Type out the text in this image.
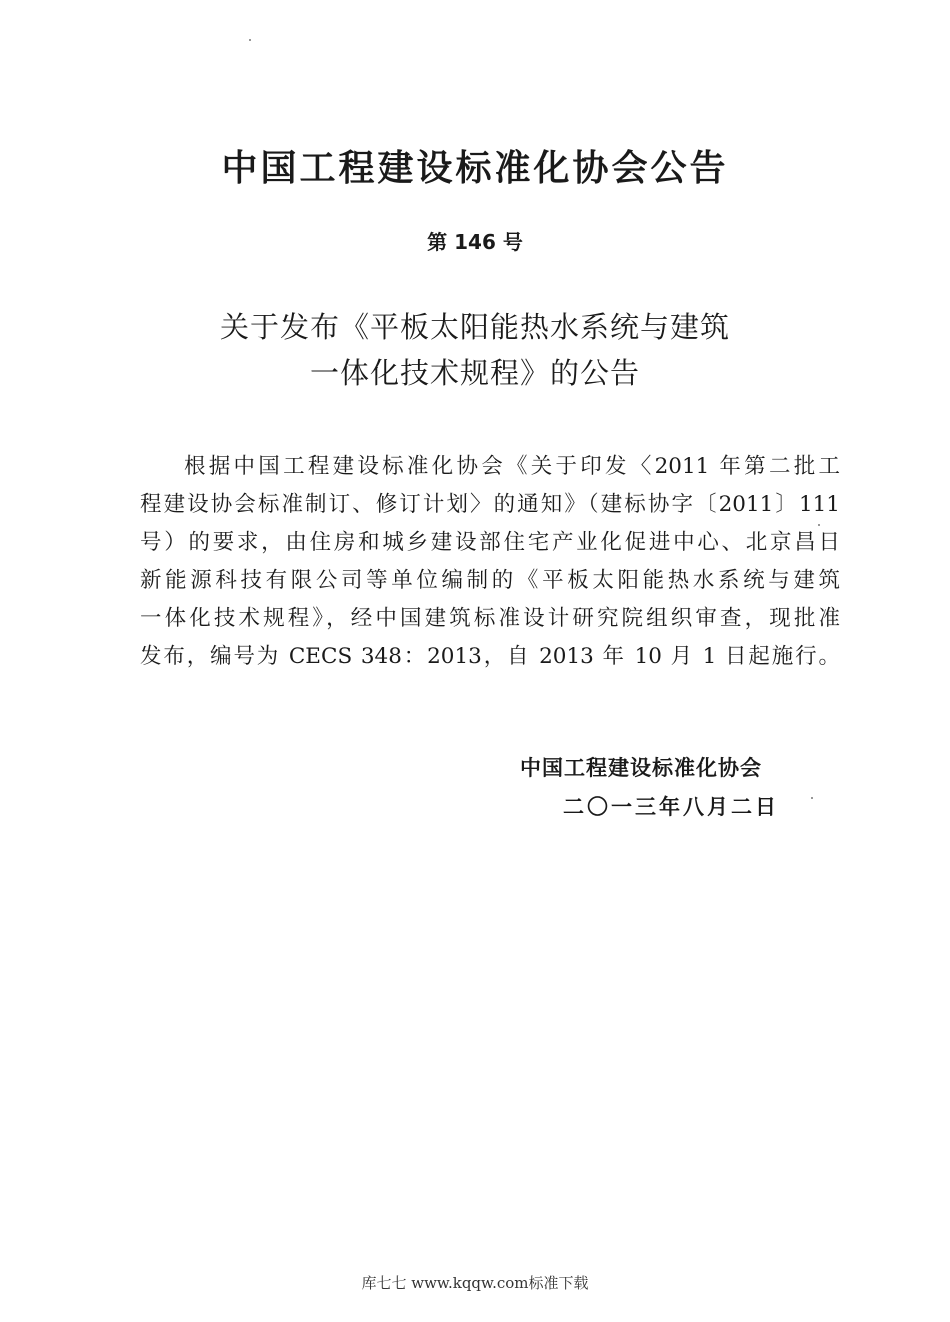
中国工程建设标准化协会公告
第 146 号
关于发布《平板太阳能热水系统与建筑
一体化技术规程》的公告
根据中国工程建设标准化协会《关于印发〈2011 年第二批工
程建设协会标准制订、修订计划〉的通知》（建标协字〔2011〕111
号）的要求，由住房和城乡建设部住宅产业化促进中心、北京昌日
新能源科技有限公司等单位编制的《平板太阳能热水系统与建筑
一体化技术规程》，经中国建筑标准设计研究院组织审查，现批准
发布，编号为 CECS 348：2013，自 2013 年 10 月 1 日起施行。
中国工程建设标准化协会
二〇一三年八月二日
库七七 www.kqqw.com标准下载
